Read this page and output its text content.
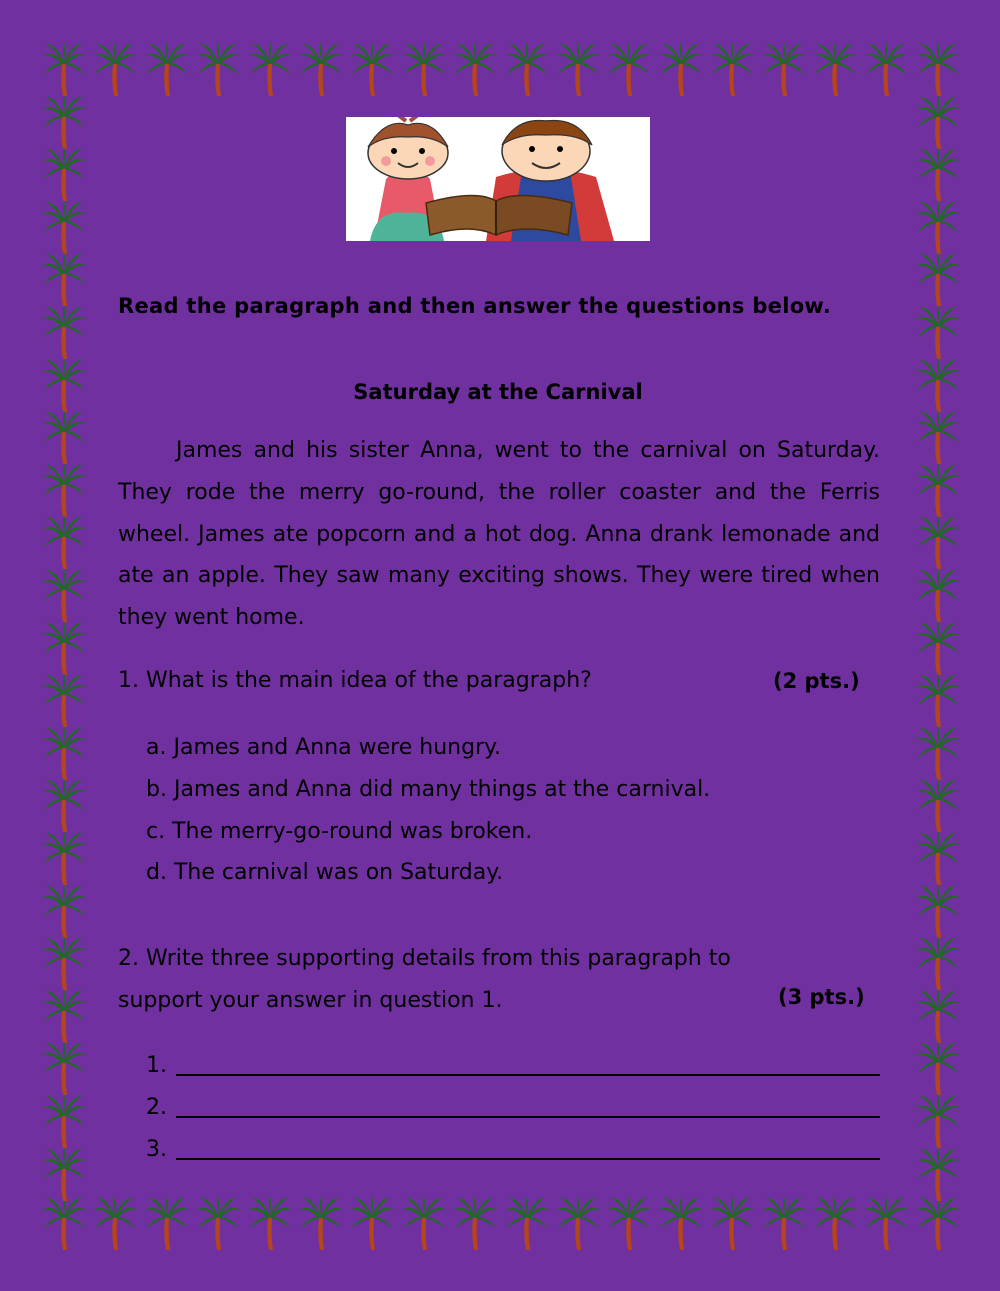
Read the paragraph and then answer the questions below.

Saturday at the Carnival

James and his sister Anna, went to the carnival on Saturday. They rode the merry go-round, the roller coaster and the Ferris wheel. James ate popcorn and a hot dog. Anna drank lemonade and ate an apple. They saw many exciting shows. They were tired when they went home.

1. What is the main idea of the paragraph?	(2 pts.)

a. James and Anna were hungry.
b. James and Anna did many things at the carnival.
c. The merry-go-round was broken.
d. The carnival was on Saturday.
2. Write three supporting details from this paragraph to
support your answer in question 1.	(3 pts.)

1.
2.
3.
